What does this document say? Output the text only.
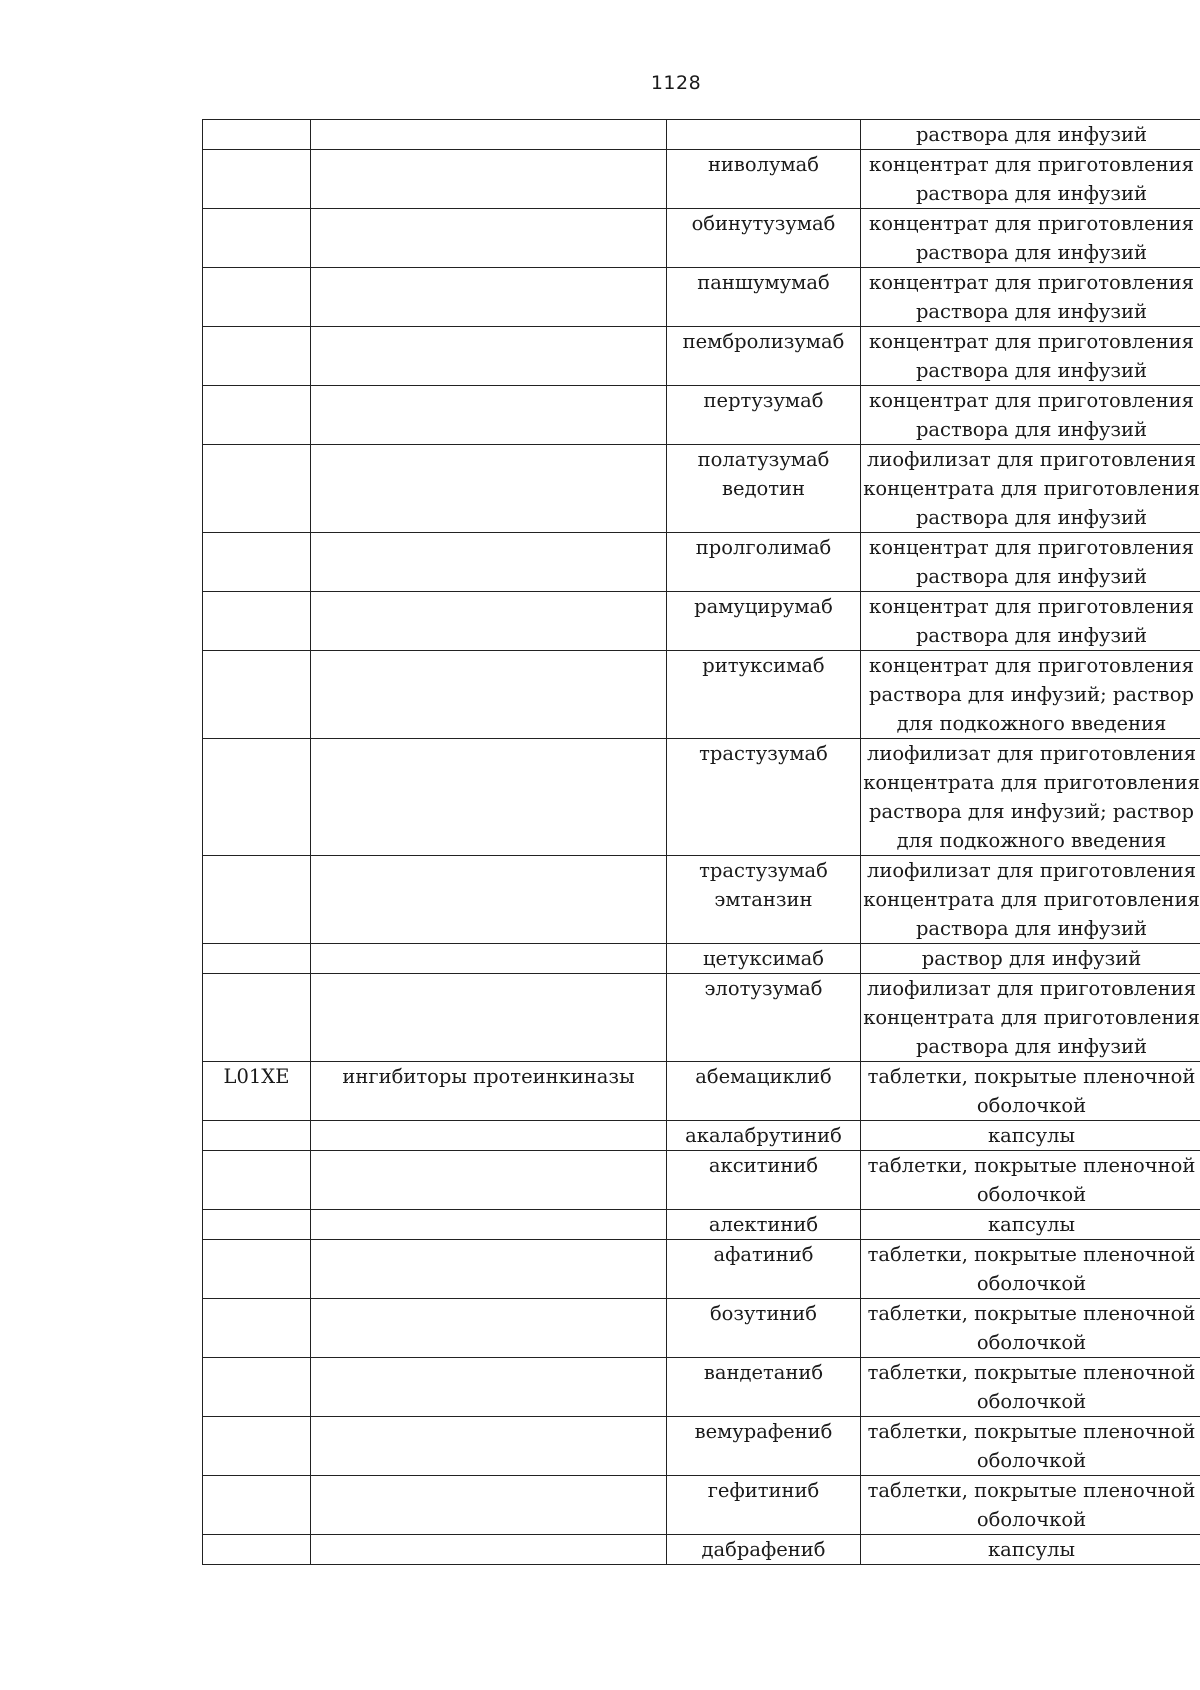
1128
			раствора для инфузий
		ниволумаб	концентрат для приготовления
раствора для инфузий
		обинутузумаб	концентрат для приготовления
раствора для инфузий
		паншумумаб	концентрат для приготовления
раствора для инфузий
		пембролизумаб	концентрат для приготовления
раствора для инфузий
		пертузумаб	концентрат для приготовления
раствора для инфузий
		полатузумаб
ведотин	лиофилизат для приготовления
концентрата для приготовления
раствора для инфузий
		пролголимаб	концентрат для приготовления
раствора для инфузий
		рамуцирумаб	концентрат для приготовления
раствора для инфузий
		ритуксимаб	концентрат для приготовления
раствора для инфузий; раствор
для подкожного введения
		трастузумаб	лиофилизат для приготовления
концентрата для приготовления
раствора для инфузий; раствор
для подкожного введения
		трастузумаб
эмтанзин	лиофилизат для приготовления
концентрата для приготовления
раствора для инфузий
		цетуксимаб	раствор для инфузий
		элотузумаб	лиофилизат для приготовления
концентрата для приготовления
раствора для инфузий
L01XE	ингибиторы протеинкиназы	абемациклиб	таблетки, покрытые пленочной
оболочкой
		акалабрутиниб	капсулы
		акситиниб	таблетки, покрытые пленочной
оболочкой
		алектиниб	капсулы
		афатиниб	таблетки, покрытые пленочной
оболочкой
		бозутиниб	таблетки, покрытые пленочной
оболочкой
		вандетаниб	таблетки, покрытые пленочной
оболочкой
		вемурафениб	таблетки, покрытые пленочной
оболочкой
		гефитиниб	таблетки, покрытые пленочной
оболочкой
		дабрафениб	капсулы
